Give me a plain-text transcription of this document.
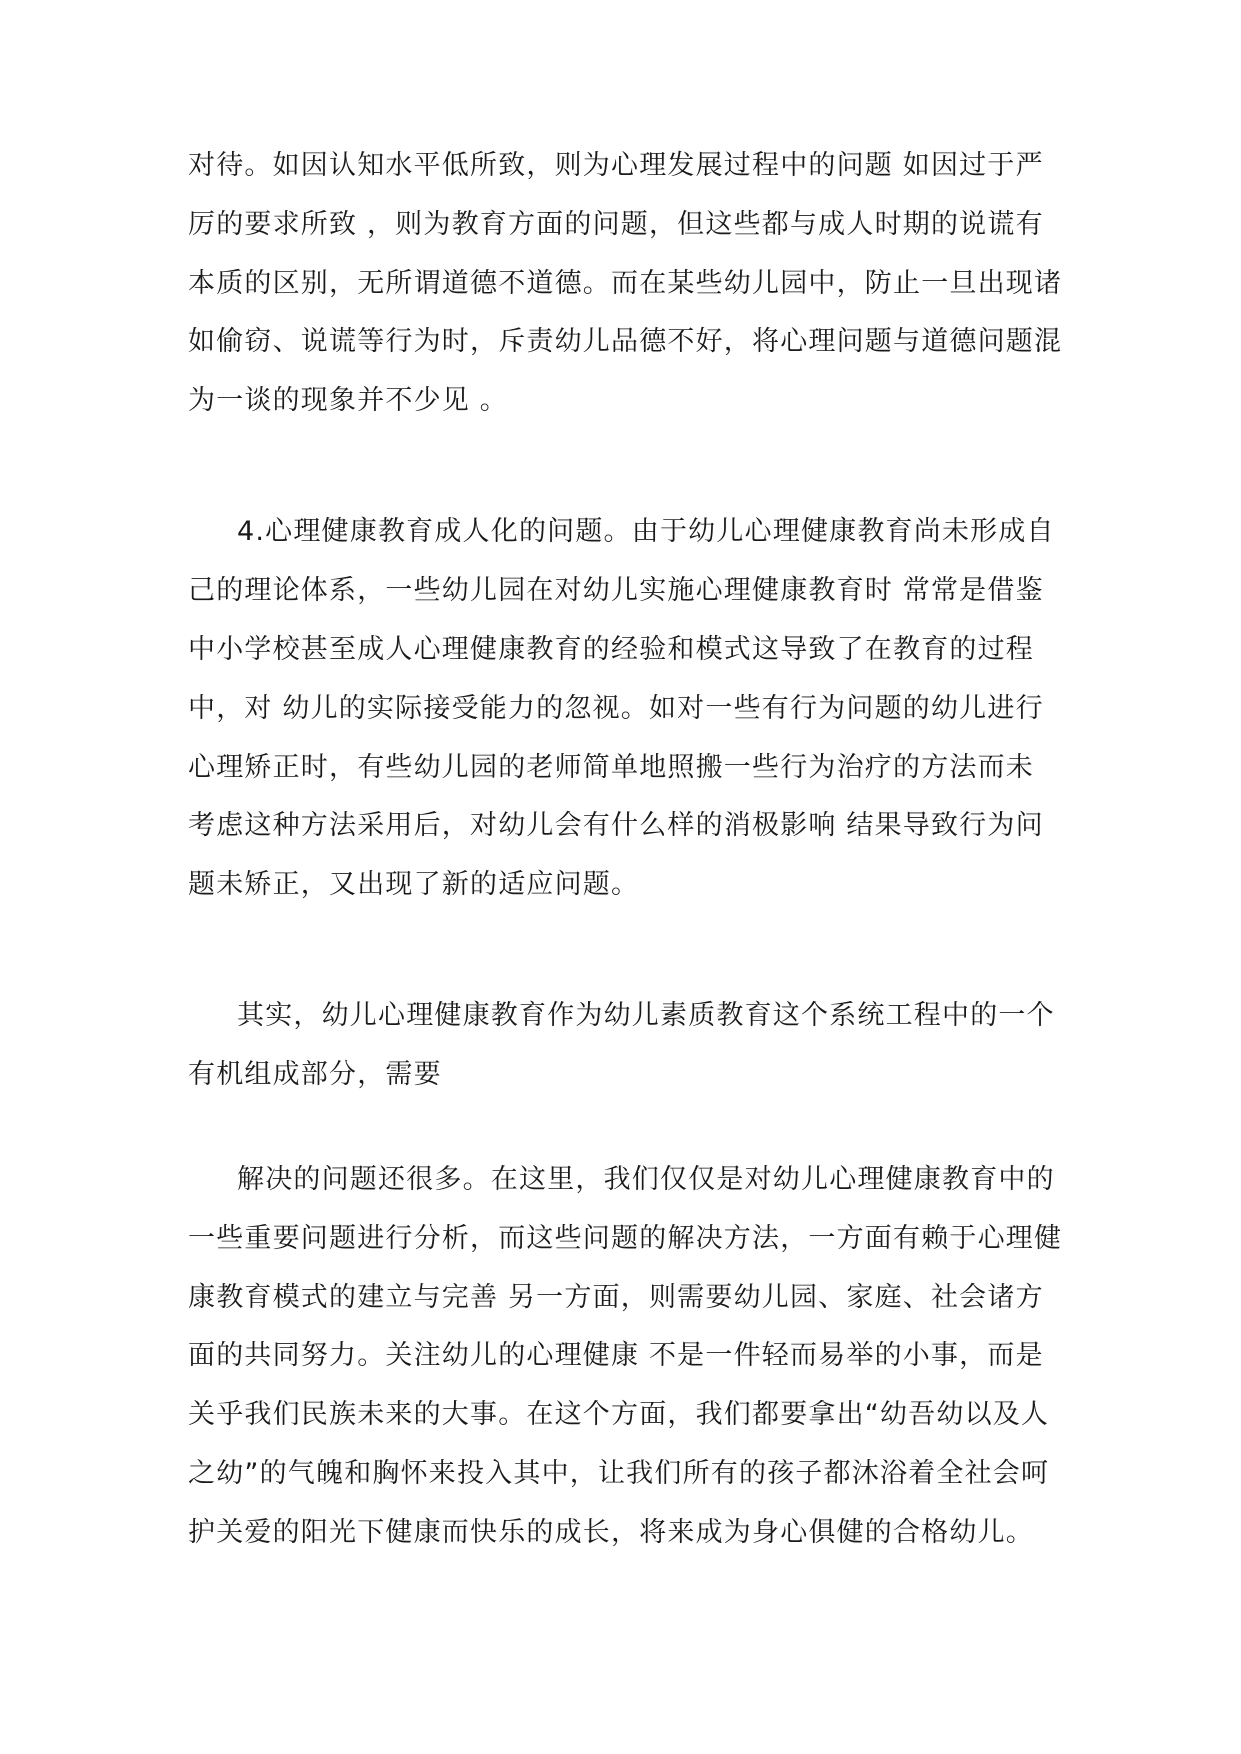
对待。如因认知水平低所致，则为心理发展过程中的问题 如因过于严
厉的要求所致 ，则为教育方面的问题，但这些都与成人时期的说谎有
本质的区别，无所谓道德不道德。而在某些幼儿园中，防止一旦出现诸
如偷窃、说谎等行为时，斥责幼儿品德不好，将心理问题与道德问题混
为一谈的现象并不少见 。
4.心理健康教育成人化的问题。由于幼儿心理健康教育尚未形成自
己的理论体系，一些幼儿园在对幼儿实施心理健康教育时 常常是借鉴
中小学校甚至成人心理健康教育的经验和模式这导致了在教育的过程
中，对 幼儿的实际接受能力的忽视。如对一些有行为问题的幼儿进行
心理矫正时，有些幼儿园的老师简单地照搬一些行为治疗的方法而未
考虑这种方法采用后，对幼儿会有什么样的消极影响 结果导致行为问
题未矫正，又出现了新的适应问题。
其实，幼儿心理健康教育作为幼儿素质教育这个系统工程中的一个
有机组成部分，需要
解决的问题还很多。在这里，我们仅仅是对幼儿心理健康教育中的
一些重要问题进行分析，而这些问题的解决方法，一方面有赖于心理健
康教育模式的建立与完善 另一方面，则需要幼儿园、家庭、社会诸方
面的共同努力。关注幼儿的心理健康 不是一件轻而易举的小事，而是
关乎我们民族未来的大事。在这个方面，我们都要拿出“幼吾幼以及人
之幼”的气魄和胸怀来投入其中，让我们所有的孩子都沐浴着全社会呵
护关爱的阳光下健康而快乐的成长，将来成为身心俱健的合格幼儿。
